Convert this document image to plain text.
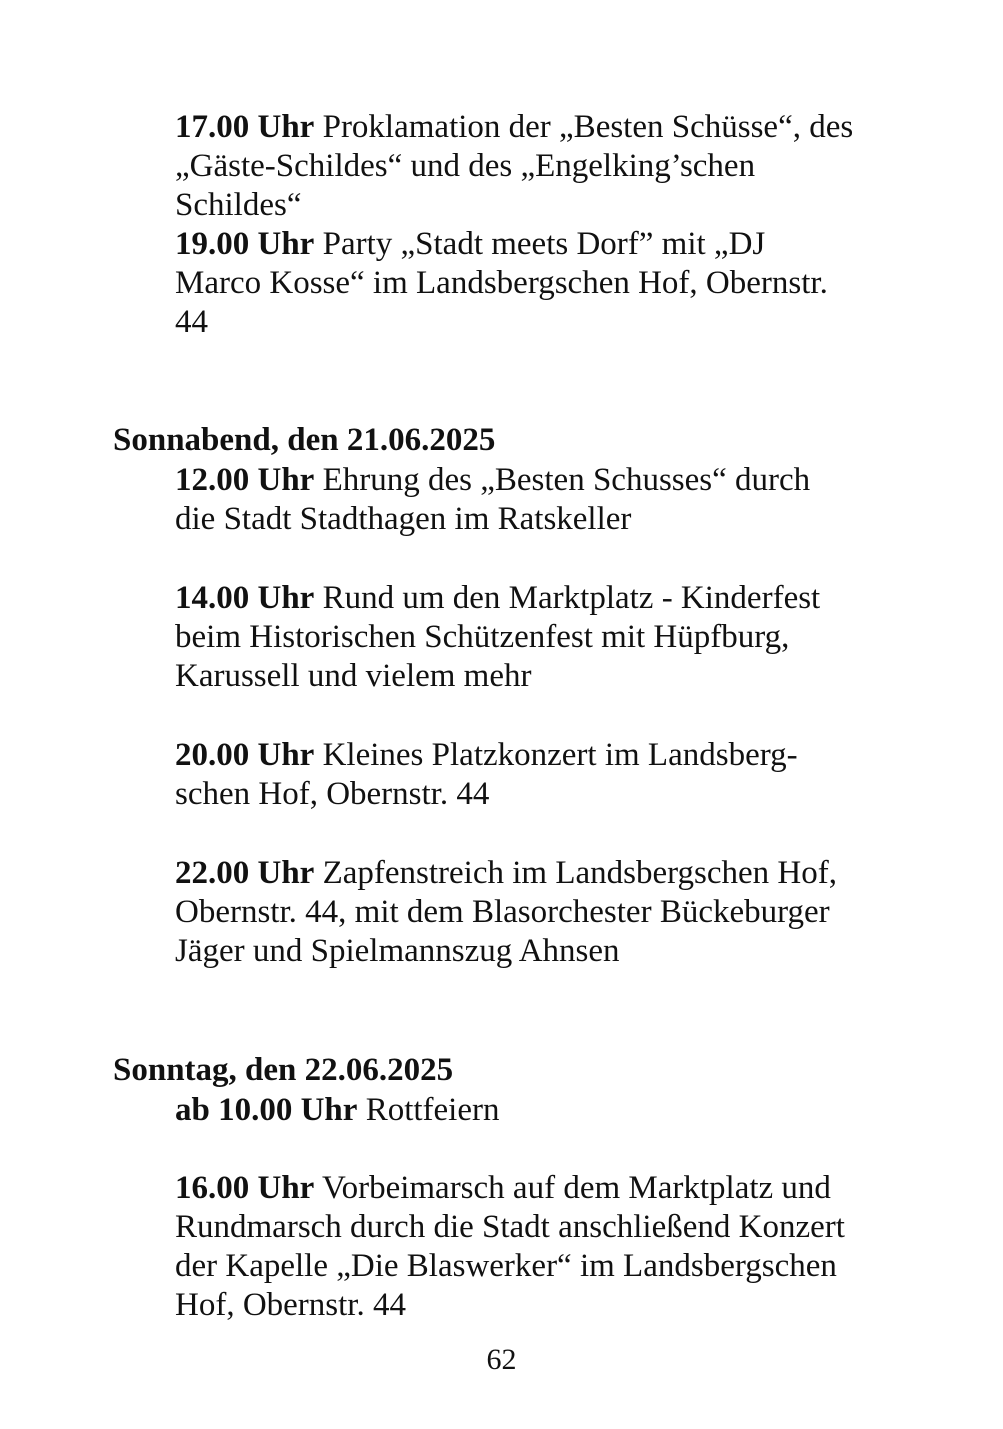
17.00 Uhr Proklamation der „Besten Schüsse“, des
„Gäste-Schildes“ und des „Engelking’schen
Schildes“

19.00 Uhr Party „Stadt meets Dorf” mit „DJ
Marco Kosse“ im Landsbergschen Hof, Obernstr.
44

Sonnabend, den 21.06.2025

12.00 Uhr Ehrung des „Besten Schusses“ durch
die Stadt Stadthagen im Ratskeller

14.00 Uhr Rund um den Marktplatz - Kinderfest
beim Historischen Schützenfest mit Hüpfburg,
Karussell und vielem mehr

20.00 Uhr Kleines Platzkonzert im Landsberg-
schen Hof, Obernstr. 44

22.00 Uhr Zapfenstreich im Landsbergschen Hof,
Obernstr. 44, mit dem Blasorchester Bückeburger
Jäger und Spielmannszug Ahnsen

Sonntag, den 22.06.2025

ab 10.00 Uhr Rottfeiern

16.00 Uhr Vorbeimarsch auf dem Marktplatz und
Rundmarsch durch die Stadt anschließend Konzert
der Kapelle „Die Blaswerker“ im Landsbergschen
Hof, Obernstr. 44

62
